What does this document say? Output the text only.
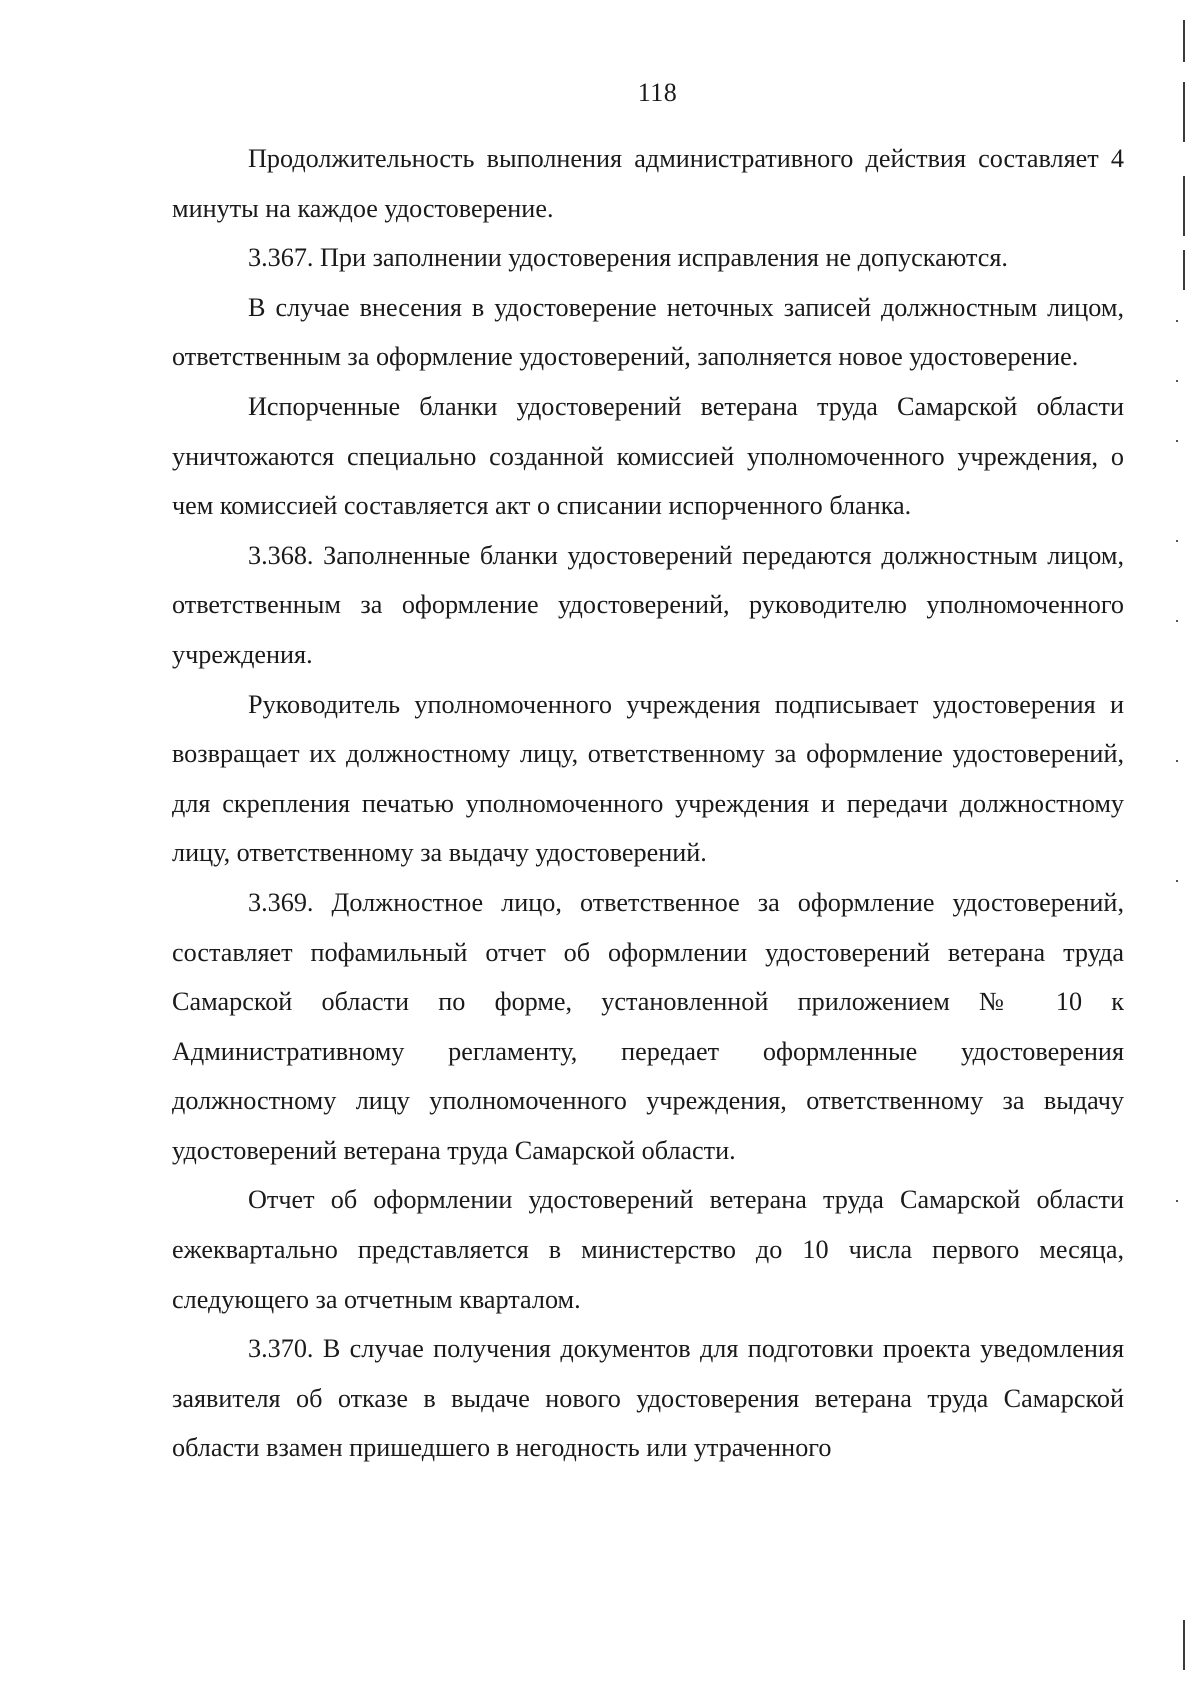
118

Продолжительность выполнения административного действия составляет 4 минуты на каждое удостоверение.

3.367. При заполнении удостоверения исправления не допускаются.

В случае внесения в удостоверение неточных записей должностным лицом, ответственным за оформление удостоверений, заполняется новое удостоверение.

Испорченные бланки удостоверений ветерана труда Самарской области уничтожаются специально созданной комиссией уполномоченного учреждения, о чем комиссией составляется акт о списании испорченного бланка.

3.368. Заполненные бланки удостоверений передаются должностным лицом, ответственным за оформление удостоверений, руководителю уполномоченного учреждения.

Руководитель уполномоченного учреждения подписывает удостоверения и возвращает их должностному лицу, ответственному за оформление удостоверений, для скрепления печатью уполномоченного учреждения и передачи должностному лицу, ответственному за выдачу удостоверений.

3.369. Должностное лицо, ответственное за оформление удостоверений, составляет пофамильный отчет об оформлении удостоверений ветерана труда Самарской области по форме, установленной приложением № 10 к Административному регламенту, передает оформленные удостоверения должностному лицу уполномоченного учреждения, ответственному за выдачу удостоверений ветерана труда Самарской области.

Отчет об оформлении удостоверений ветерана труда Самарской области ежеквартально представляется в министерство до 10 числа первого месяца, следующего за отчетным кварталом.

3.370. В случае получения документов для подготовки проекта уведомления заявителя об отказе в выдаче нового удостоверения ветерана труда Самарской области взамен пришедшего в негодность или утраченного
